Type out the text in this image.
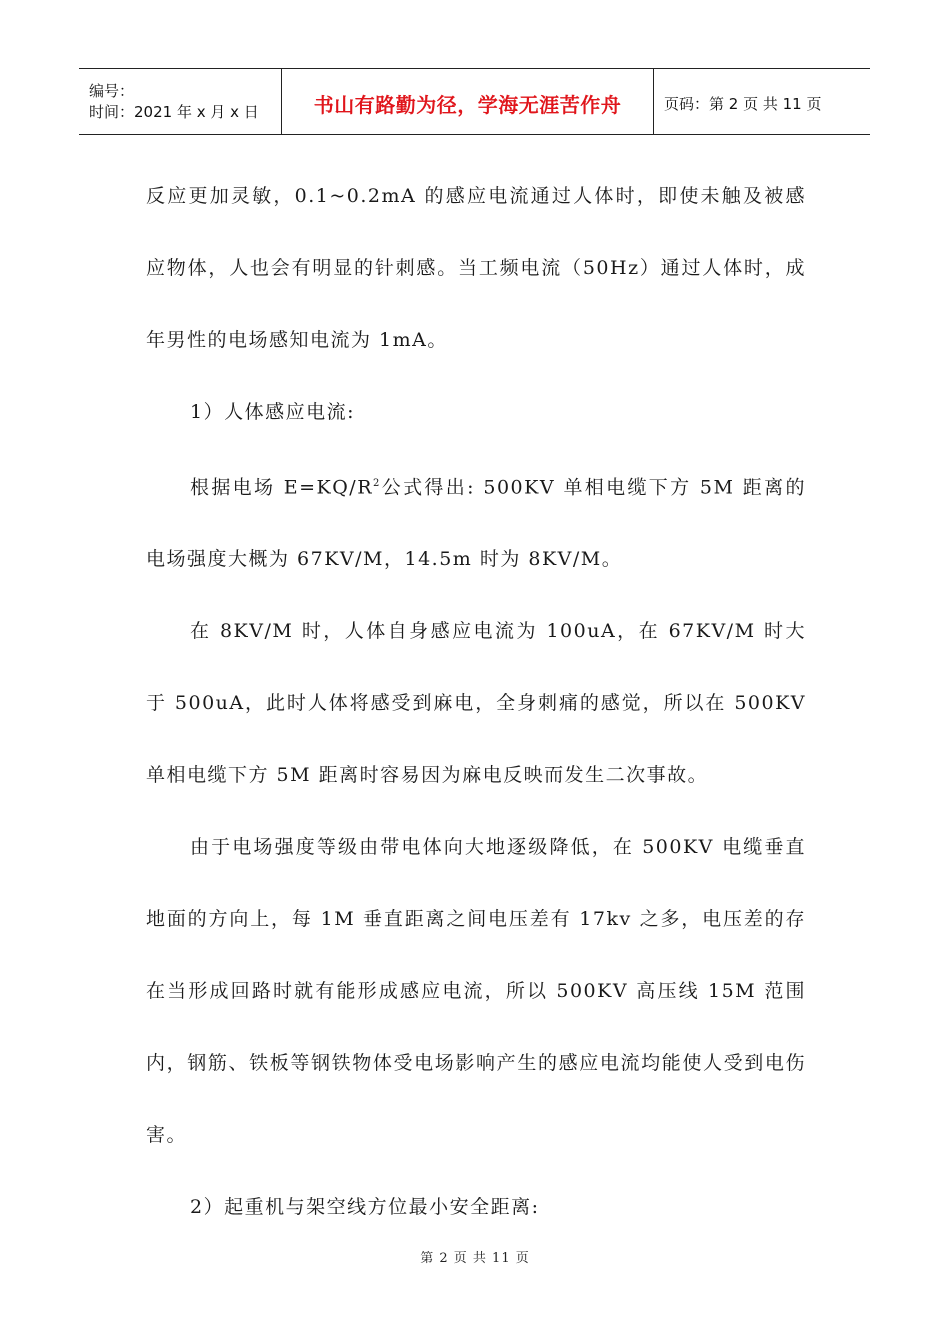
编号：
时间：2021 年 x 月 x 日	书山有路勤为径，学海无涯苦作舟	页码：第 2 页 共 11 页

反应更加灵敏，0.1~0.2mA 的感应电流通过人体时，即使未触及被感应物体，人也会有明显的针刺感。当工频电流（50Hz）通过人体时，成年男性的电场感知电流为 1mA。

1）人体感应电流:

根据电场 $E=KQ/R^2$公式得出: 500KV 单相电缆下方 5M 距离的电场强度大概为 67KV/M，14.5m 时为 8KV/M。

在 8KV/M 时，人体自身感应电流为 100uA，在 67KV/M 时大于 500uA，此时人体将感受到麻电，全身刺痛的感觉，所以在 500KV 单相电缆下方 5M 距离时容易因为麻电反映而发生二次事故。

由于电场强度等级由带电体向大地逐级降低，在 500KV 电缆垂直地面的方向上，每 1M 垂直距离之间电压差有 17kv 之多，电压差的存在当形成回路时就有能形成感应电流，所以 500KV 高压线 15M 范围内，钢筋、铁板等钢铁物体受电场影响产生的感应电流均能使人受到电伤害。

2）起重机与架空线方位最小安全距离:

第 2 页 共 11 页
